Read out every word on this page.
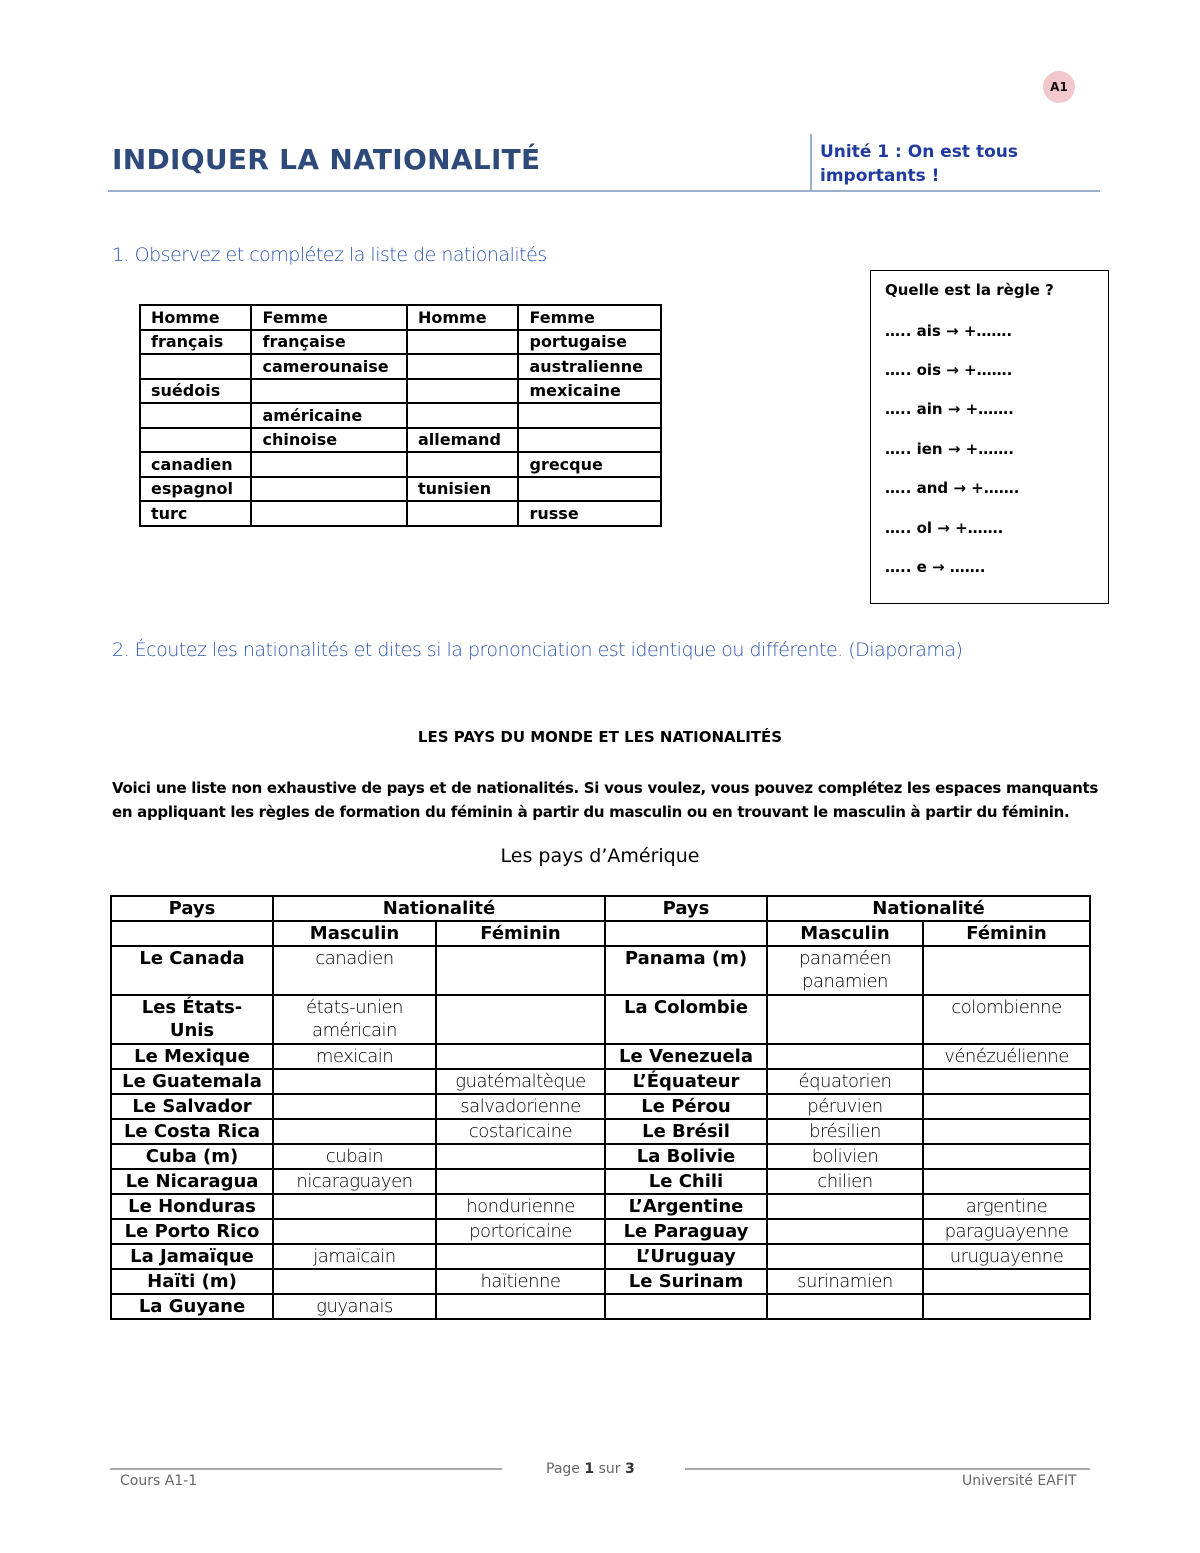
A1
INDIQUER LA NATIONALITÉ	Unité 1 : On est tous
importants !
1. Observez et complétez la liste de nationalités
Homme	Femme	Homme	Femme
français	française		portugaise
	camerounaise		australienne
suédois			mexicaine
	américaine		
	chinoise	allemand	
canadien			grecque
espagnol		tunisien	
turc			russe
Quelle est la règle ?
….. ais → +…….
….. ois → +…….
….. ain → +…….
….. ien → +…….
….. and → +…….
….. ol → +…….
….. e → …….
2. Écoutez les nationalités et dites si la prononciation est identique ou différente. (Diaporama)
LES PAYS DU MONDE ET LES NATIONALITÉS
Voici une liste non exhaustive de pays et de nationalités. Si vous voulez, vous pouvez complétez les espaces manquants en appliquant les règles de formation du féminin à partir du masculin ou en trouvant le masculin à partir du féminin.
Les pays d’Amérique
Pays	Nationalité		Pays	Nationalité	
	Masculin	Féminin		Masculin	Féminin
Le Canada	canadien		Panama (m)	panaméen
panamien	
Les États-
Unis	états-unien
américain		La Colombie		colombienne
Le Mexique	mexicain		Le Venezuela		vénézuélienne
Le Guatemala		guatémaltèque	L’Équateur	équatorien	
Le Salvador		salvadorienne	Le Pérou	péruvien	
Le Costa Rica		costaricaine	Le Brésil	brésilien	
Cuba (m)	cubain		La Bolivie	bolivien	
Le Nicaragua	nicaraguayen		Le Chili	chilien	
Le Honduras		hondurienne	L’Argentine		argentine
Le Porto Rico		portoricaine	Le Paraguay		paraguayenne
La Jamaïque	jamaïcain		L’Uruguay		uruguayenne
Haïti (m)		haïtienne	Le Surinam	surinamien	
La Guyane	guyanais				
Cours A1-1
Page 1 sur 3
Université EAFIT
